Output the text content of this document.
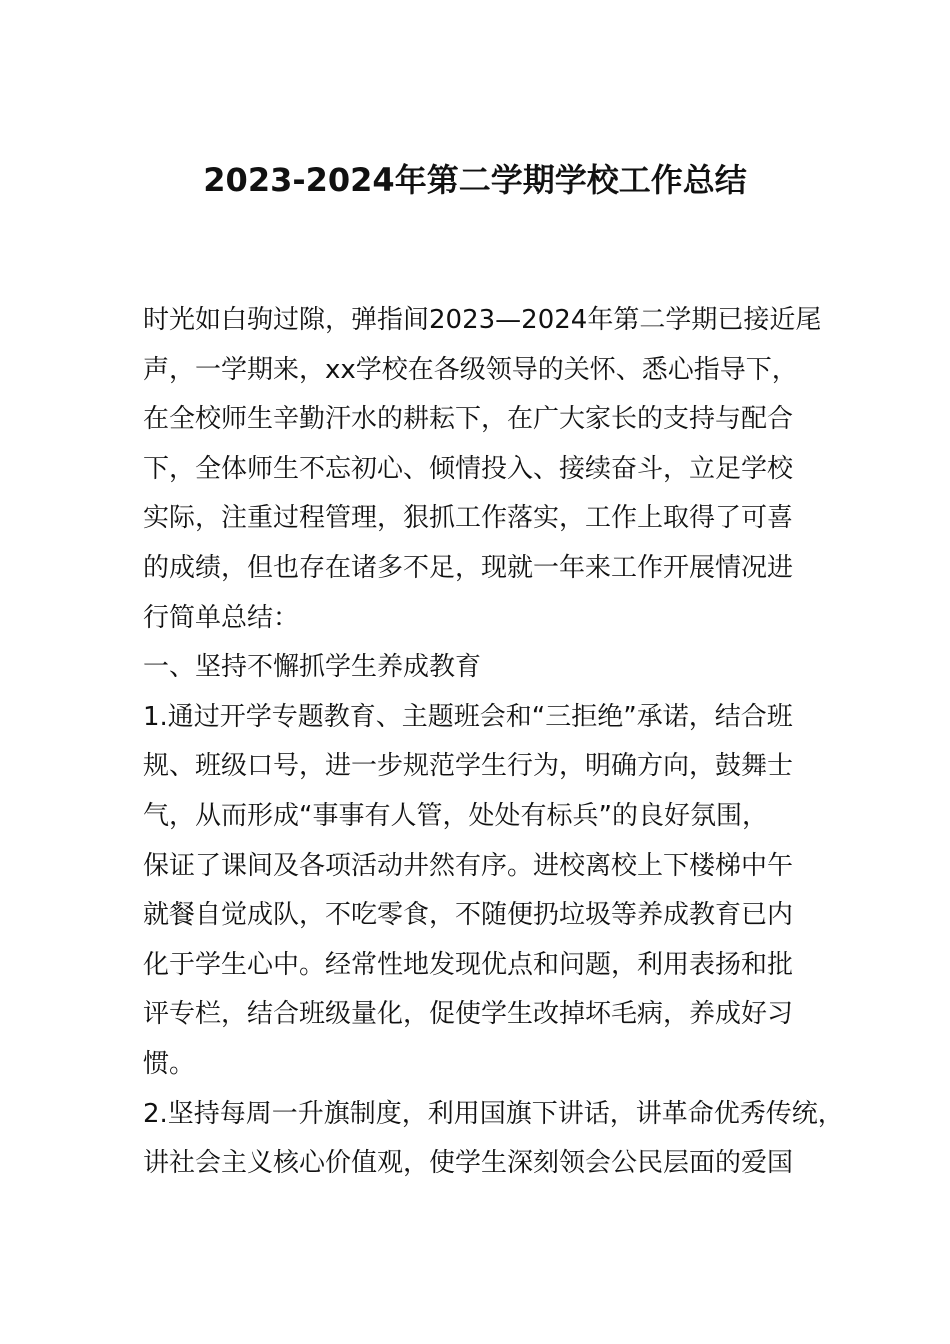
2023-2024年第二学期学校工作总结
时光如白驹过隙，弹指间2023—2024年第二学期已接近尾
声，一学期来，xx学校在各级领导的关怀、悉心指导下，
在全校师生辛勤汗水的耕耘下，在广大家长的支持与配合
下，全体师生不忘初心、倾情投入、接续奋斗，立足学校
实际，注重过程管理，狠抓工作落实，工作上取得了可喜
的成绩，但也存在诸多不足，现就一年来工作开展情况进
行简单总结：
一、坚持不懈抓学生养成教育
1.通过开学专题教育、主题班会和“三拒绝”承诺，结合班
规、班级口号，进一步规范学生行为，明确方向，鼓舞士
气，从而形成“事事有人管，处处有标兵”的良好氛围，
保证了课间及各项活动井然有序。进校离校上下楼梯中午
就餐自觉成队，不吃零食，不随便扔垃圾等养成教育已内
化于学生心中。经常性地发现优点和问题，利用表扬和批
评专栏，结合班级量化，促使学生改掉坏毛病，养成好习
惯。
2.坚持每周一升旗制度，利用国旗下讲话，讲革命优秀传统，
讲社会主义核心价值观，使学生深刻领会公民层面的爱国
